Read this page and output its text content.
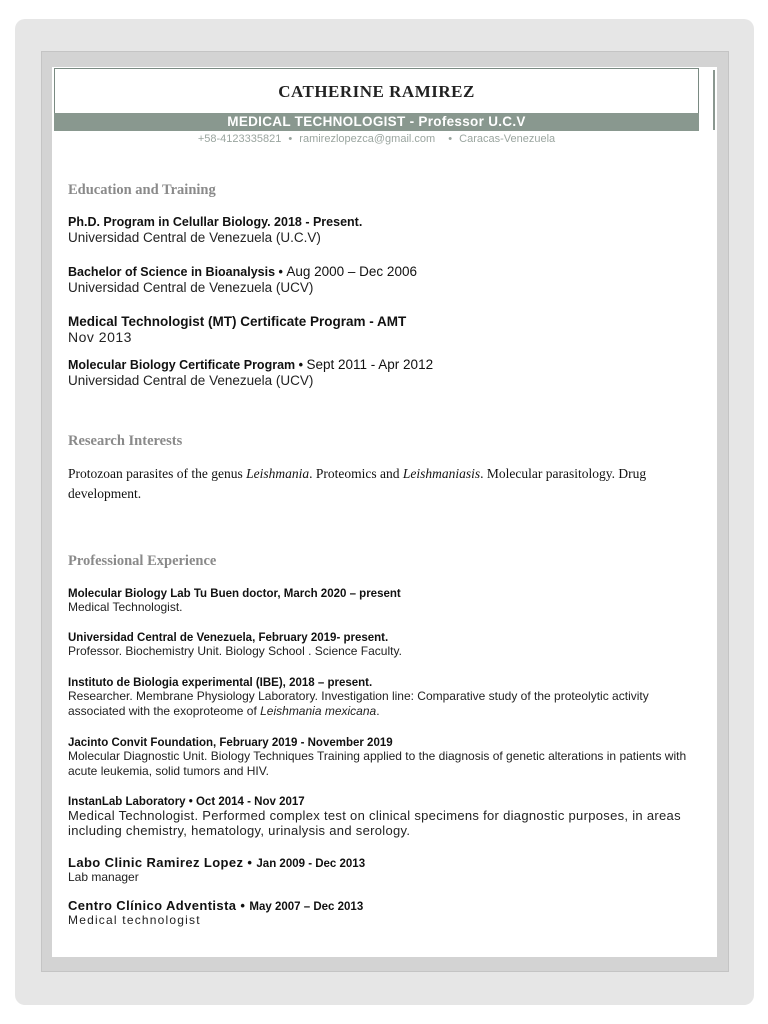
CATHERINE RAMIREZ
MEDICAL TECHNOLOGIST - Professor U.C.V
+58-4123335821 • ramirezlopezca@gmail.com • Caracas-Venezuela
Education and Training
Ph.D. Program in Celullar Biology. 2018 - Present.
Universidad Central de Venezuela (U.C.V)
Bachelor of Science in Bioanalysis • Aug 2000 – Dec 2006
Universidad Central de Venezuela (UCV)
Medical Technologist (MT) Certificate Program - AMT
Nov 2013
Molecular Biology Certificate Program • Sept 2011 - Apr 2012
Universidad Central de Venezuela (UCV)
Research Interests
Protozoan parasites of the genus Leishmania. Proteomics and Leishmaniasis. Molecular parasitology. Drug development.
Professional Experience
Molecular Biology Lab Tu Buen doctor, March 2020 – present
Medical Technologist.
Universidad Central de Venezuela, February 2019- present.
Professor. Biochemistry Unit. Biology School . Science Faculty.
Instituto de Biologia experimental (IBE), 2018 – present.
Researcher. Membrane Physiology Laboratory. Investigation line: Comparative study of the proteolytic activity associated with the exoproteome of Leishmania mexicana.
Jacinto Convit Foundation, February 2019 - November 2019
Molecular Diagnostic Unit. Biology Techniques Training applied to the diagnosis of genetic alterations in patients with acute leukemia, solid tumors and HIV.
InstanLab Laboratory • Oct 2014 - Nov 2017
Medical Technologist. Performed complex test on clinical specimens for diagnostic purposes, in areas including chemistry, hematology, urinalysis and serology.
Labo Clinic Ramirez Lopez • Jan 2009 - Dec 2013
Lab manager
Centro Clínico Adventista • May 2007 – Dec 2013
Medical technologist
